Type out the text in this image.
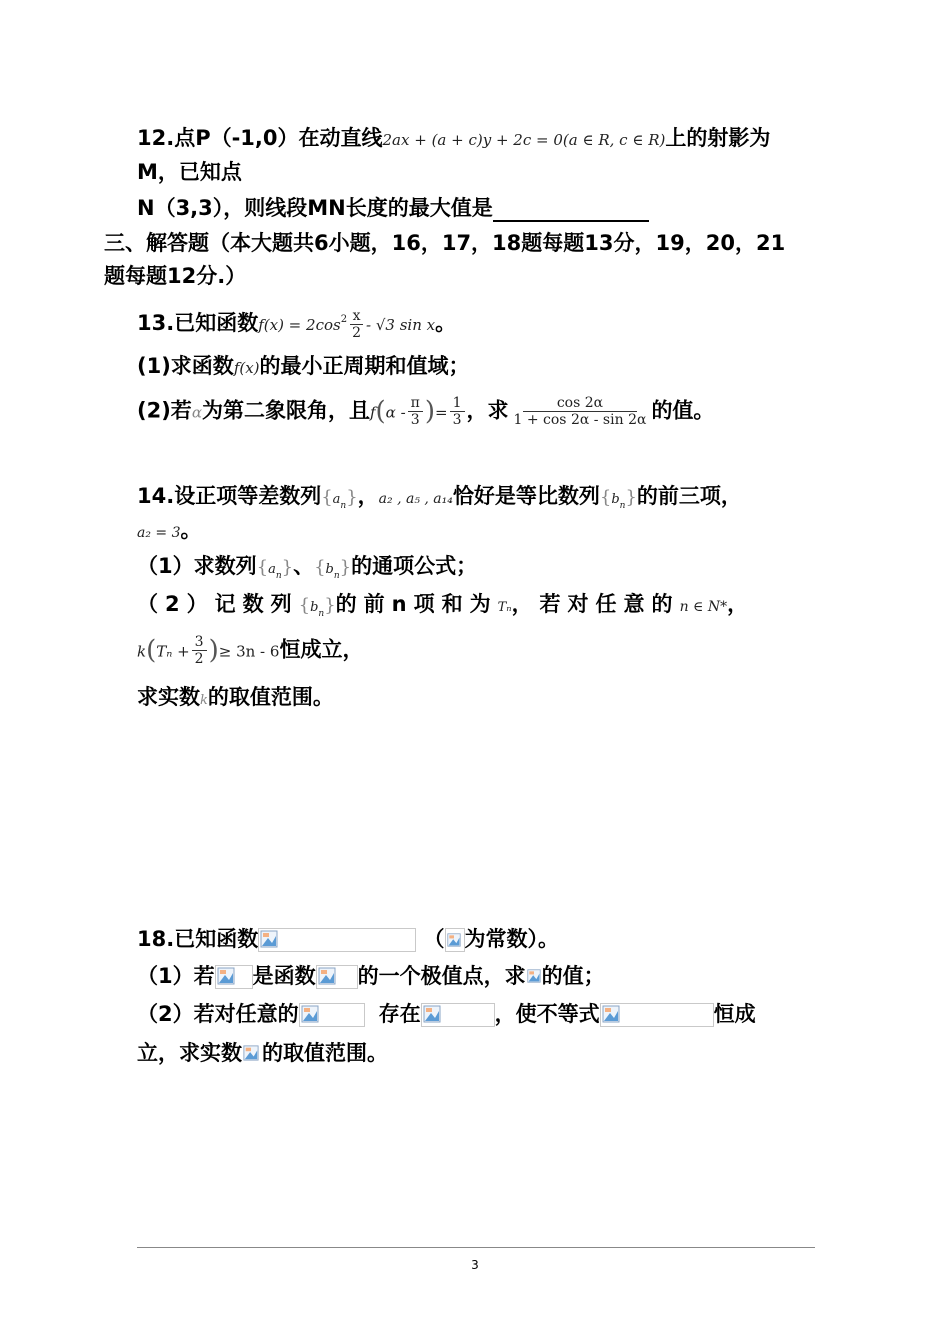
12.点P（-1,0）在动直线2ax + (a + c)y + 2c = 0(a ∈ R, c ∈ R)上的射影为
M，已知点
N（3,3），则线段MN长度的最大值是
三、解答题（本大题共6小题，16，17，18题每题13分，19，20，21
题每题12分.）
13.已知函数$f(x) = 2\cos^2 \frac{x}{2} - √3$ sin x。
(1)求函数f(x)的最小正周期和值域；
(2)若α为第二象限角，且$f(\alpha - \frac{\pi}{3}$ )= $\frac{1}{3}$ ，求 $\frac{\cos 2\alpha}{1 + \cos 2\alpha - \sin 2\alpha}$ 的值。
14.设正项等差数列$\{a_n\}$，a₂ , a₅ , a₁₄恰好是等比数列$\{b_n\}$的前三项，
a₂ = 3。
（1）求数列$\{a_n\}$、$\{b_n\}$的通项公式；
（2）记数列$\{b_n\}$的前n项和为Tₙ，若对任意的n ∈ N*，
$k(T_n + \frac{3}{2}$ )≥ 3n - 6恒成立，
求实数k的取值范围。
18.已知函数	（ 为常数）。
（1）若 是函数 的一个极值点，求 的值；
（2）若对任意的	存在	，使不等式	恒成
立，求实数 的取值范围。
3
